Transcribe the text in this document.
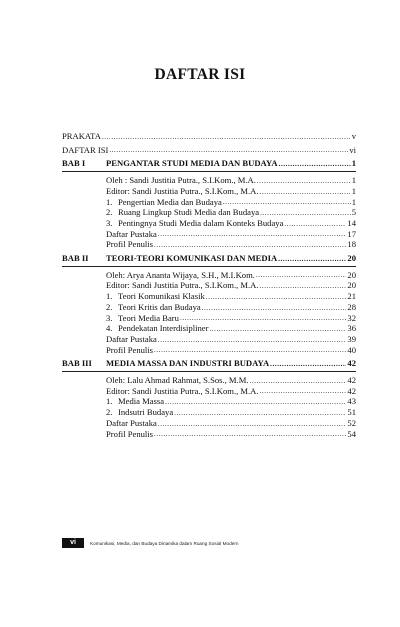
DAFTAR ISI
PRAKATA .....	v
DAFTAR ISI .....	vi
BAB I	PENGANTAR STUDI MEDIA DAN BUDAYA .....	1
Oleh : Sandi Justitia Putra., S.I.Kom., M.A. .....	1
Editor: Sandi Justitia Putra., S.I.Kom., M.A. .....	1
1. Pengertian Media dan Budaya .....	1
2. Ruang Lingkup Studi Media dan Budaya .....	5
3. Pentingnya Studi Media dalam Konteks Budaya .....	14
Daftar Pustaka .....	17
Profil Penulis .....	18
BAB II	TEORI-TEORI KOMUNIKASI DAN MEDIA .....	20
Oleh: Arya Ananta Wijaya, S.H., M.I.Kom. .....	20
Editor: Sandi Justitia Putra., S.I.Kom., M.A. .....	20
1. Teori Komunikasi Klasik .....	21
2. Teori Kritis dan Budaya .....	28
3. Teori Media Baru .....	32
4. Pendekatan Interdisipliner .....	36
Daftar Pustaka .....	39
Profil Penulis .....	40
BAB III	MEDIA MASSA DAN INDUSTRI BUDAYA .....	42
Oleh: Lalu Ahmad Rahmat, S.Sos., M.M. .....	42
Editor: Sandi Justitia Putra., S.I.Kom., M.A. .....	42
1. Media Massa .....	43
2. Indsutri Budaya .....	51
Daftar Pustaka .....	52
Profil Penulis .....	54
vi	Komunikasi, Media, dan Budaya Dinamika dalam Ruang Sosial Modern
